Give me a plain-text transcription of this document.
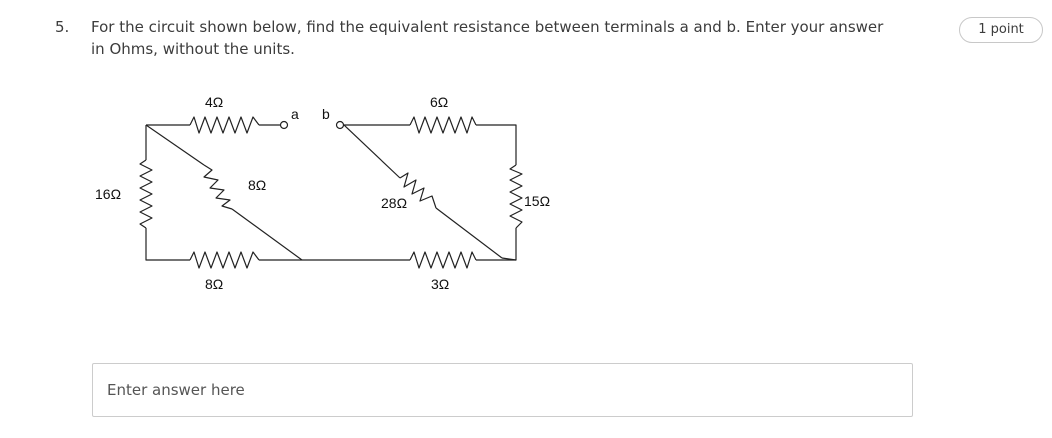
5. For the circuit shown below, find the equivalent resistance between terminals a and b. Enter your answer in Ohms, without the units.
1 point
4Ω
a b
6Ω
16Ω
8Ω
28Ω	15Ω
8Ω	3Ω
Enter answer here
